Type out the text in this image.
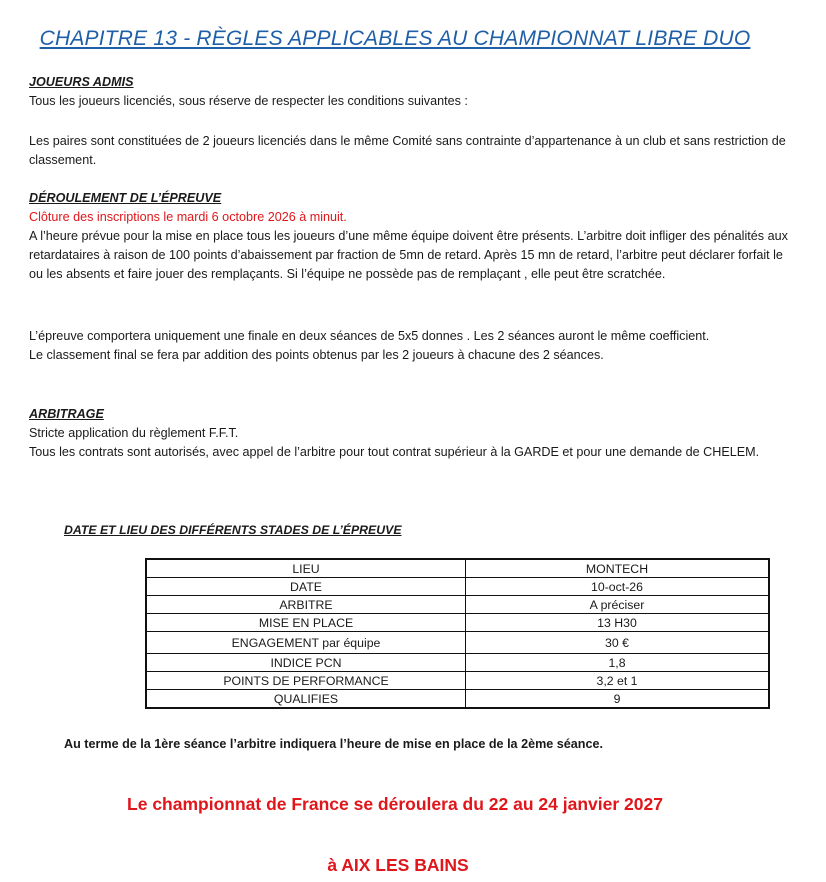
CHAPITRE 13 - RÈGLES APPLICABLES AU CHAMPIONNAT LIBRE DUO
JOUEURS ADMIS

Tous les joueurs licenciés, sous réserve de respecter les conditions suivantes :

Les paires sont constituées de 2 joueurs licenciés dans le même Comité sans contrainte d’appartenance à un club et sans restriction de classement.

DÉROULEMENT DE L’ÉPREUVE

Clôture des inscriptions le mardi 6 octobre 2026 à minuit.

A l’heure prévue pour la mise en place tous les joueurs d’une même équipe doivent être présents. L’arbitre doit infliger des pénalités aux retardataires à raison de 100 points d’abaissement par fraction de 5mn de retard. Après 15 mn de retard, l’arbitre peut déclarer forfait le ou les absents et faire jouer des remplaçants. Si l’équipe ne possède pas de remplaçant , elle peut être scratchée.

L’épreuve comportera uniquement une finale en deux séances de 5x5 donnes . Les 2 séances auront le même coefficient.

Le classement final se fera par addition des points obtenus par les 2 joueurs à chacune des 2 séances.

ARBITRAGE

Stricte application du règlement F.F.T.

Tous les contrats sont autorisés, avec appel de l’arbitre pour tout contrat supérieur à la GARDE et pour une demande de CHELEM.

DATE ET LIEU DES DIFFÉRENTS STADES DE L’ÉPREUVE
LIEU	MONTECH
DATE	10-oct-26
ARBITRE	A préciser
MISE EN PLACE	13 H30
ENGAGEMENT par équipe	30 €
INDICE PCN	1,8
POINTS DE PERFORMANCE	3,2 et 1
QUALIFIES	9
Au terme de la 1ère séance l’arbitre indiquera l’heure de mise en place de la 2ème séance.
Le championnat de France se déroulera du 22 au 24 janvier 2027
à AIX LES BAINS
